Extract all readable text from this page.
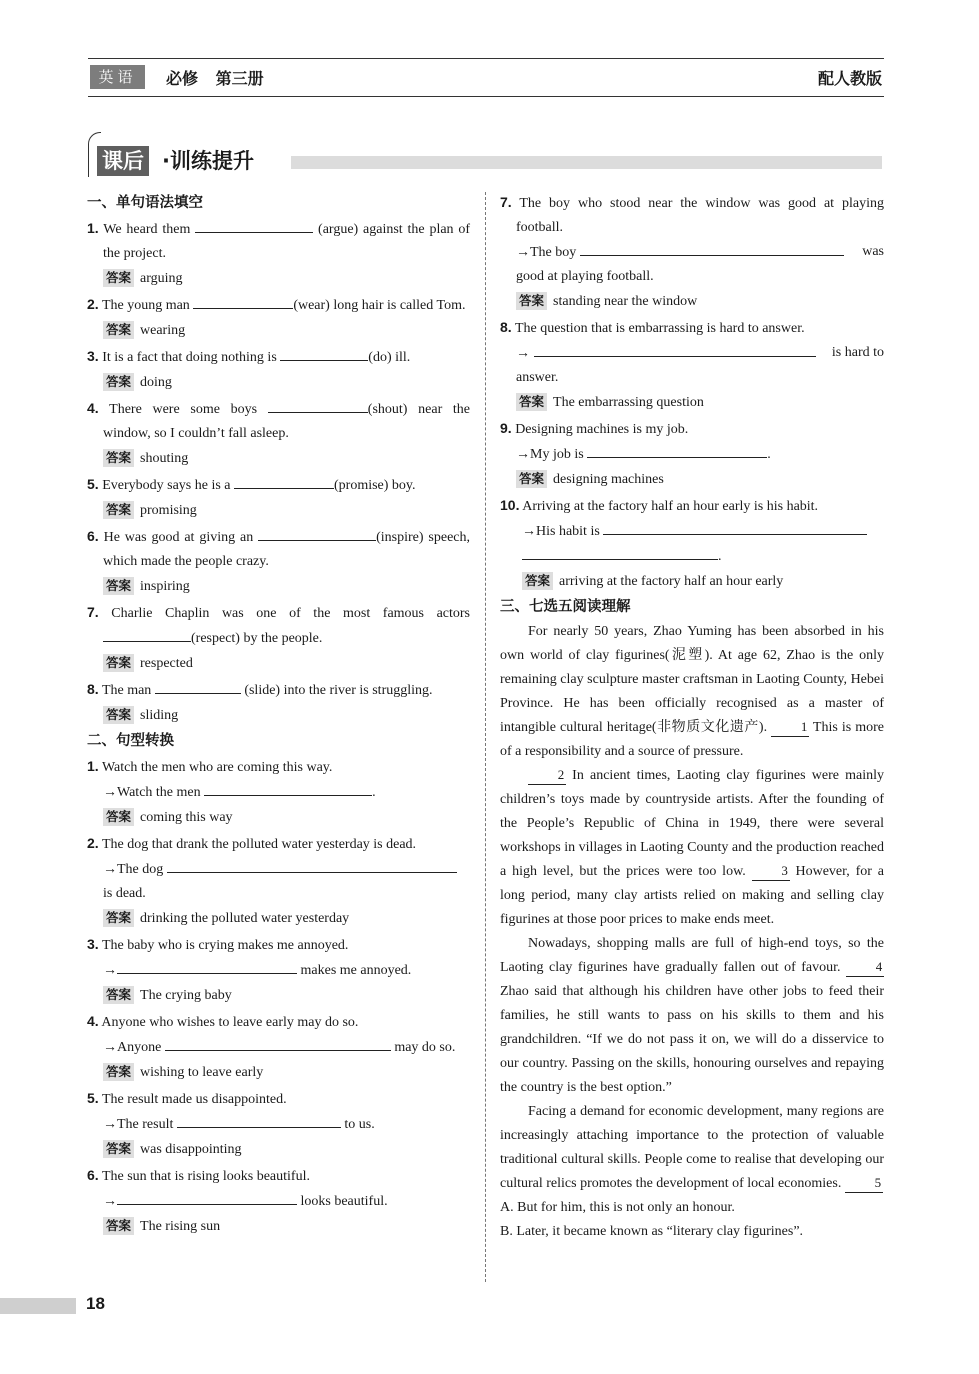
英语	必修 第三册	配人教版
课后 ·训练提升
一、单句语法填空

1. We heard them	(argue) against the plan of the project.

答案 arguing

2. The young man	(wear) long hair is called Tom.

答案 wearing

3. It is a fact that doing nothing is	(do) ill.

答案 doing

4. There were some boys	(shout) near the window, so I couldn’t fall asleep.

答案 shouting

5. Everybody says he is a	(promise) boy.

答案 promising

6. He was good at giving an	(inspire) speech, which made the people crazy.

答案 inspiring

7. Charlie Chaplin was one of the most famous actors (respect) by the people.

答案 respected

8. The man	(slide) into the river is struggling.

答案 sliding
二、句型转换

1. Watch the men who are coming this way.

→Watch the men	.

答案 coming this way

2. The dog that drank the polluted water yesterday is dead.

→The dog

is dead.

答案 drinking the polluted water yesterday

3. The baby who is crying makes me annoyed.

→	makes me annoyed.

答案 The crying baby

4. Anyone who wishes to leave early may do so.

→Anyone	may do so.

答案 wishing to leave early

5. The result made us disappointed.

→The result	to us.

答案 was disappointing

6. The sun that is rising looks beautiful.

→	looks beautiful.

答案 The rising sun

7. The boy who stood near the window was good at playing football.

→The boy	was

good at playing football.

答案 standing near the window

8. The question that is embarrassing is hard to answer.

→	is hard to

answer.

答案 The embarrassing question

9. Designing machines is my job.

→My job is	.

答案 designing machines

10. Arriving at the factory half an hour early is his habit.

→His habit is

.

答案 arriving at the factory half an hour early
三、七选五阅读理解

For nearly 50 years, Zhao Yuming has been absorbed in his own world of clay figurines(泥塑). At age 62, Zhao is the only remaining clay sculpture master craftsman in Laoting County, Hebei Province. He has been officially recognised as a master of intangible cultural heritage(非物质文化遗产).	1 This is more of a responsibility and a source of pressure.

2 In ancient times, Laoting clay figurines were mainly children’s toys made by countryside artists. After the founding of the People’s Republic of China in 1949, there were several workshops in villages in Laoting County and the production reached a high level, but the prices were too low.	3 However, for a long period, many clay artists relied on making and selling clay figurines at those poor prices to make ends meet.

Nowadays, shopping malls are full of high-end toys, so the Laoting clay figurines have gradually fallen out of favour.	4 Zhao said that although his children have other jobs to feed their families, he still wants to pass on his skills to them and his grandchildren. “If we do not pass it on, we will do a disservice to our country. Passing on the skills, honouring ourselves and repaying the country is the best option.”

Facing a demand for economic development, many regions are increasingly attaching importance to the protection of valuable traditional cultural skills. People come to realise that developing our cultural relics promotes the development of local economies.	5

A. But for him, this is not only an honour.

B. Later, it became known as “literary clay figurines”.

18
